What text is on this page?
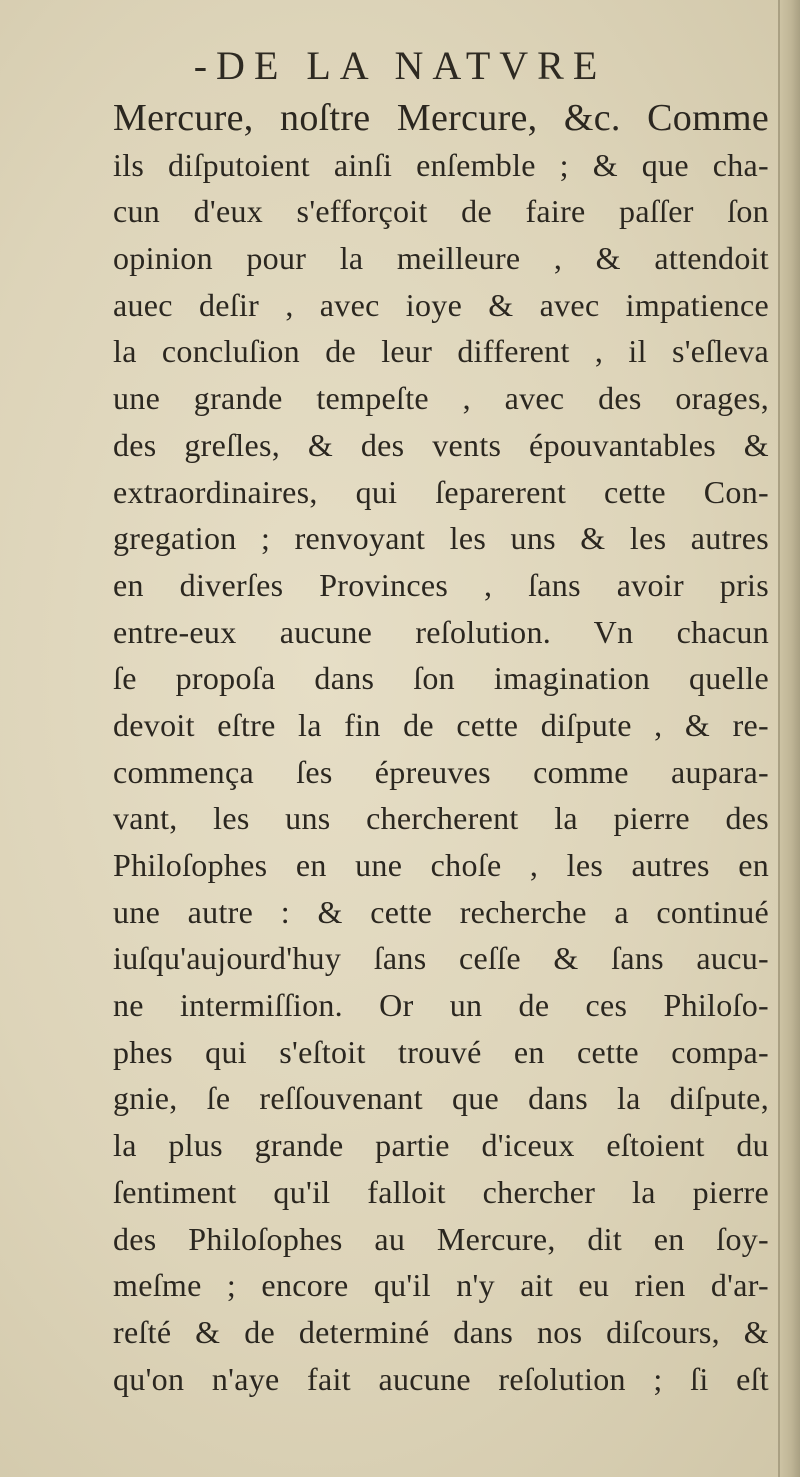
-DE LA NATVRE
Mercure, noſtre Mercure, &c. Comme
ils diſputoient ainſi enſemble ; & que cha-
cun d'eux s'efforçoit de faire paſſer ſon
opinion pour la meilleure , & attendoit
auec deſir , avec ioye & avec impatience
la concluſion de leur different , il s'eſleva
une grande tempeſte , avec des orages,
des greſles, & des vents épouvantables &
extraordinaires, qui ſeparerent cette Con-
gregation ; renvoyant les uns & les autres
en diverſes Provinces , ſans avoir pris
entre-eux aucune reſolution. Vn chacun
ſe propoſa dans ſon imagination quelle
devoit eſtre la fin de cette diſpute , & re-
commença ſes épreuves comme aupara-
vant, les uns chercherent la pierre des
Philoſophes en une choſe , les autres en
une autre : & cette recherche a continué
iuſqu'aujourd'huy ſans ceſſe & ſans aucu-
ne intermiſſion. Or un de ces Philoſo-
phes qui s'eſtoit trouvé en cette compa-
gnie, ſe reſſouvenant que dans la diſpute,
la plus grande partie d'iceux eſtoient du
ſentiment qu'il falloit chercher la pierre
des Philoſophes au Mercure, dit en ſoy-
meſme ; encore qu'il n'y ait eu rien d'ar-
reſté & de determiné dans nos diſcours, &
qu'on n'aye fait aucune reſolution ; ſi eſt
